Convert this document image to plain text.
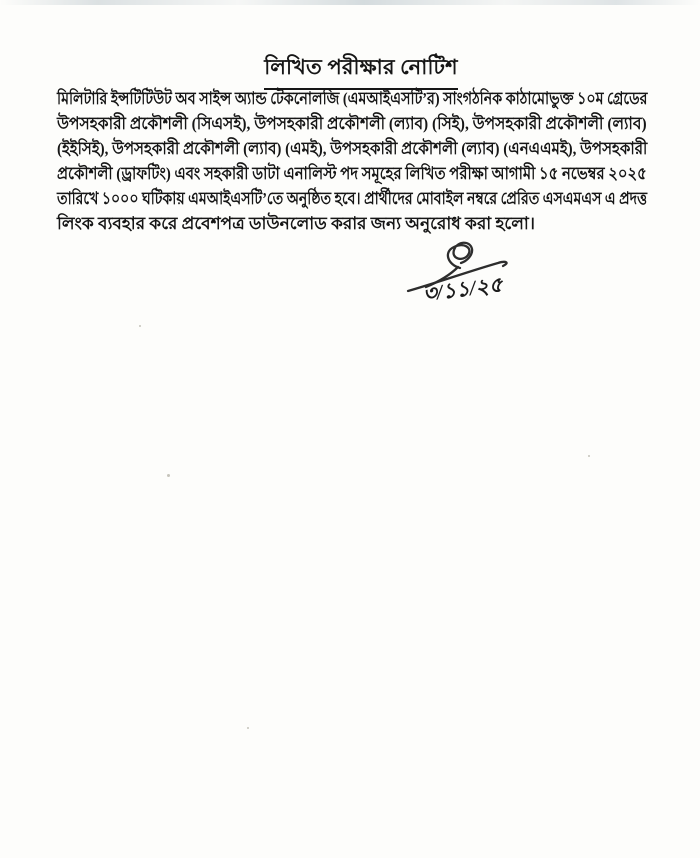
লিখিত পরীক্ষার নোটিশ
মিলিটারি ইন্সটিটিউট অব সাইন্স অ্যান্ড টেকনোলজি (এমআইএসটি’র) সাংগঠনিক কাঠামোভুক্ত ১০ম গ্রেডের
উপসহকারী প্রকৌশলী (সিএসই), উপসহকারী প্রকৌশলী (ল্যাব) (সিই), উপসহকারী প্রকৌশলী (ল্যাব)
(ইইসিই), উপসহকারী প্রকৌশলী (ল্যাব) (এমই), উপসহকারী প্রকৌশলী (ল্যাব) (এনএএমই), উপসহকারী
প্রকৌশলী (ড্রাফটিং) এবং সহকারী ডাটা এনালিস্ট পদ সমূহের লিখিত পরীক্ষা আগামী ১৫ নভেম্বর ২০২৫
তারিখে ১০০০ ঘটিকায় এমআইএসটি’তে অনুষ্ঠিত হবে। প্রার্থীদের মোবাইল নম্বরে প্রেরিত এসএমএস এ প্রদত্ত
লিংক ব্যবহার করে প্রবেশপত্র ডাউনলোড করার জন্য অনুরোধ করা হলো।
৩/১১/২৫
